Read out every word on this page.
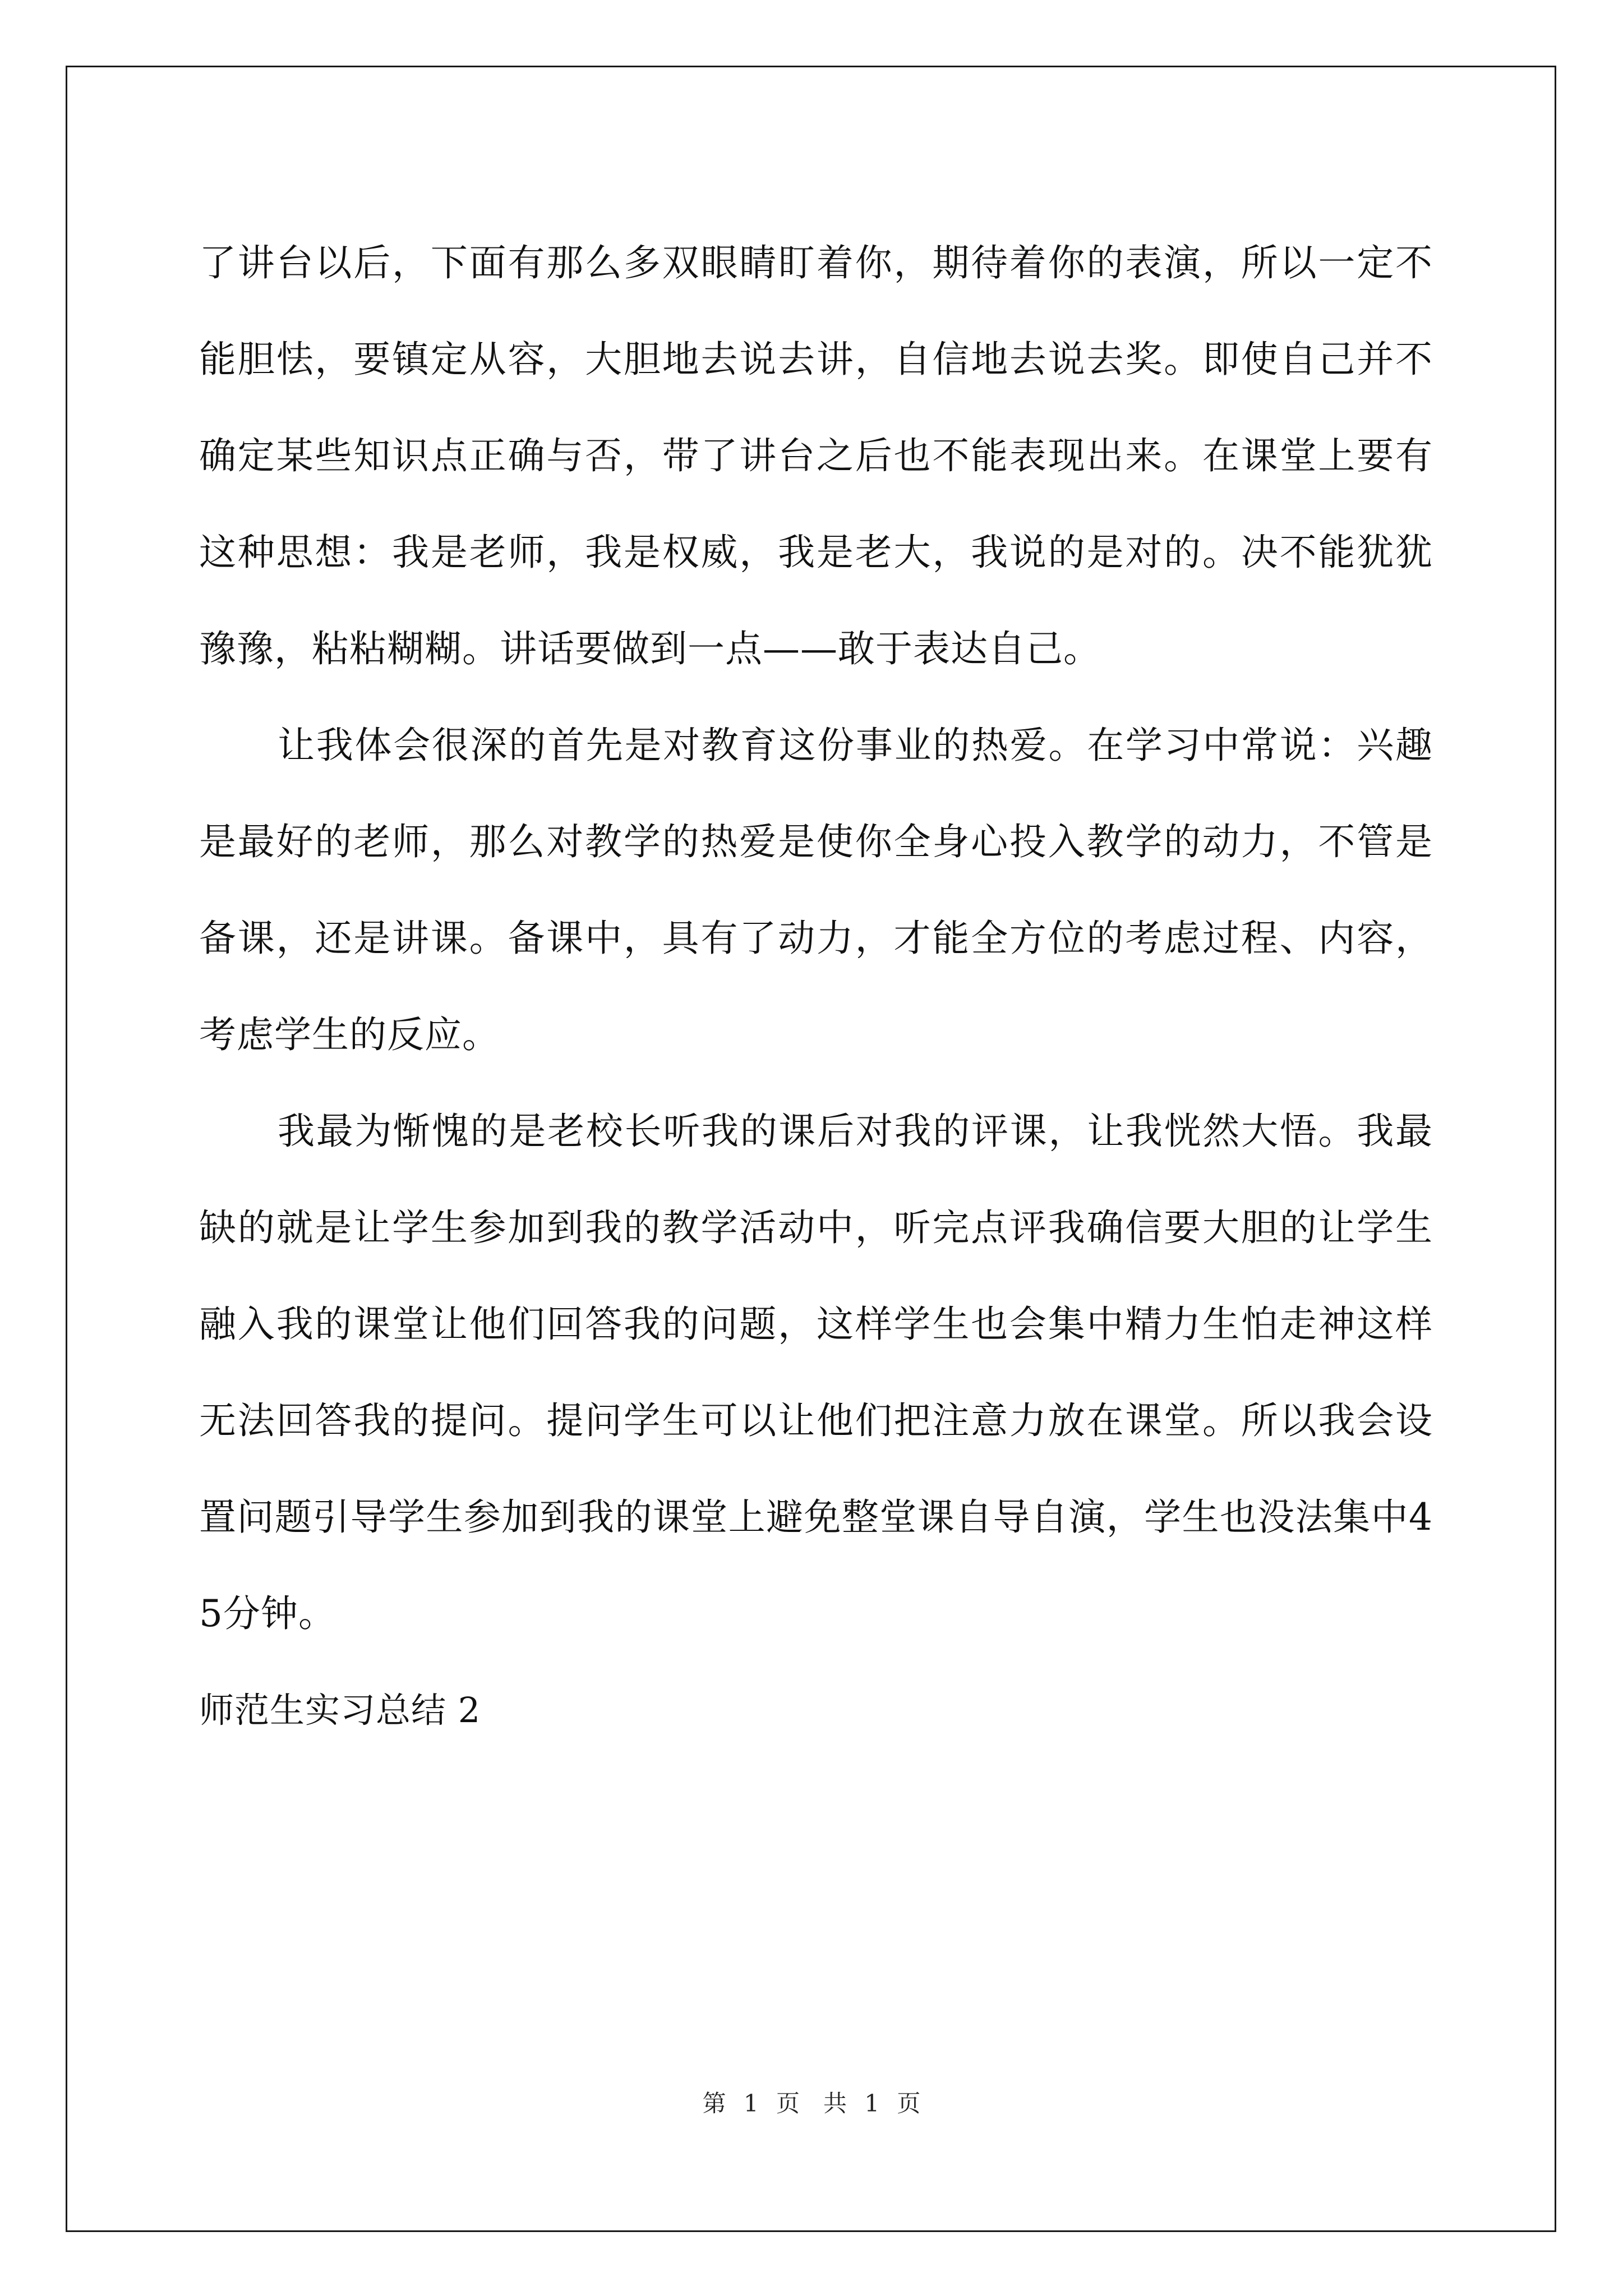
了讲台以后，下面有那么多双眼睛盯着你，期待着你的表演，所以一定不能胆怯，要镇定从容，大胆地去说去讲，自信地去说去奖。即使自己并不确定某些知识点正确与否，带了讲台之后也不能表现出来。在课堂上要有这种思想：我是老师，我是权威，我是老大，我说的是对的。决不能犹犹豫豫，粘粘糊糊。讲话要做到一点——敢于表达自己。

让我体会很深的首先是对教育这份事业的热爱。在学习中常说：兴趣是最好的老师，那么对教学的热爱是使你全身心投入教学的动力，不管是备课，还是讲课。备课中，具有了动力，才能全方位的考虑过程、内容，考虑学生的反应。

我最为惭愧的是老校长听我的课后对我的评课，让我恍然大悟。我最缺的就是让学生参加到我的教学活动中，听完点评我确信要大胆的让学生融入我的课堂让他们回答我的问题，这样学生也会集中精力生怕走神这样无法回答我的提问。提问学生可以让他们把注意力放在课堂。所以我会设置问题引导学生参加到我的课堂上避免整堂课自导自演，学生也没法集中45分钟。

师范生实习总结 2

第 1 页　共 1 页
